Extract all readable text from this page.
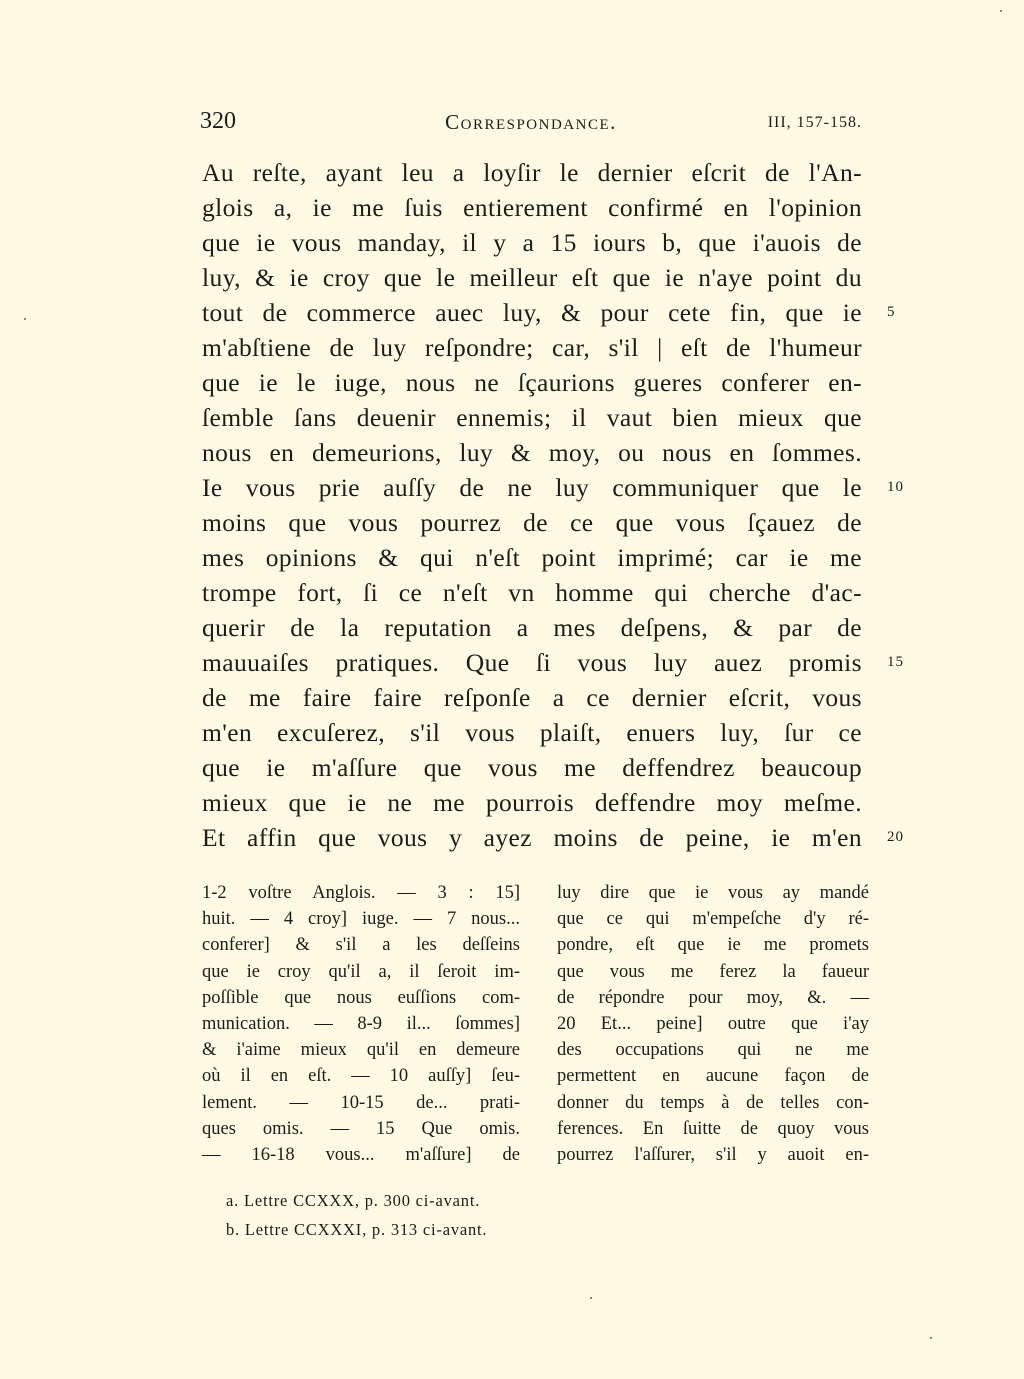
320	Correspondance.	III, 157-158.
Au reſte, ayant leu a loyſir le dernier eſcrit de l'An-
glois a, ie me ſuis entierement confirmé en l'opinion
que ie vous manday, il y a 15 iours b, que i'auois de
luy, & ie croy que le meilleur eſt que ie n'aye point du
tout de commerce auec luy, & pour cete fin, que ie 5
m'abſtiene de luy reſpondre; car, s'il | eſt de l'humeur
que ie le iuge, nous ne ſçaurions gueres conferer en-
ſemble ſans deuenir ennemis; il vaut bien mieux que
nous en demeurions, luy & moy, ou nous en ſommes.
Ie vous prie auſſy de ne luy communiquer que le 10
moins que vous pourrez de ce que vous ſçauez de
mes opinions & qui n'eſt point imprimé; car ie me
trompe fort, ſi ce n'eſt vn homme qui cherche d'ac-
querir de la reputation a mes deſpens, & par de
mauuaiſes pratiques. Que ſi vous luy auez promis 15
de me faire faire reſponſe a ce dernier eſcrit, vous
m'en excuſerez, s'il vous plaiſt, enuers luy, ſur ce
que ie m'aſſure que vous me deffendrez beaucoup
mieux que ie ne me pourrois deffendre moy meſme.
Et affin que vous y ayez moins de peine, ie m'en 20
1-2 voſtre Anglois. — 3 : 15]
huit. — 4 croy] iuge. — 7 nous...
conferer] & s'il a les deſſeins
que ie croy qu'il a, il ſeroit im-
poſſible que nous euſſions com-
munication. — 8-9 il... ſommes]
& i'aime mieux qu'il en demeure
où il en eſt. — 10 auſſy] ſeu-
lement. — 10-15 de... prati-
ques omis. — 15 Que omis.
— 16-18 vous... m'aſſure] de
luy dire que ie vous ay mandé
que ce qui m'empeſche d'y ré-
pondre, eſt que ie me promets
que vous me ferez la faueur
de répondre pour moy, &. —
20 Et... peine] outre que i'ay
des occupations qui ne me
permettent en aucune façon de
donner du temps à de telles con-
ferences. En ſuitte de quoy vous
pourrez l'aſſurer, s'il y auoit en-
a. Lettre CCXXX, p. 300 ci-avant.
b. Lettre CCXXXI, p. 313 ci-avant.
